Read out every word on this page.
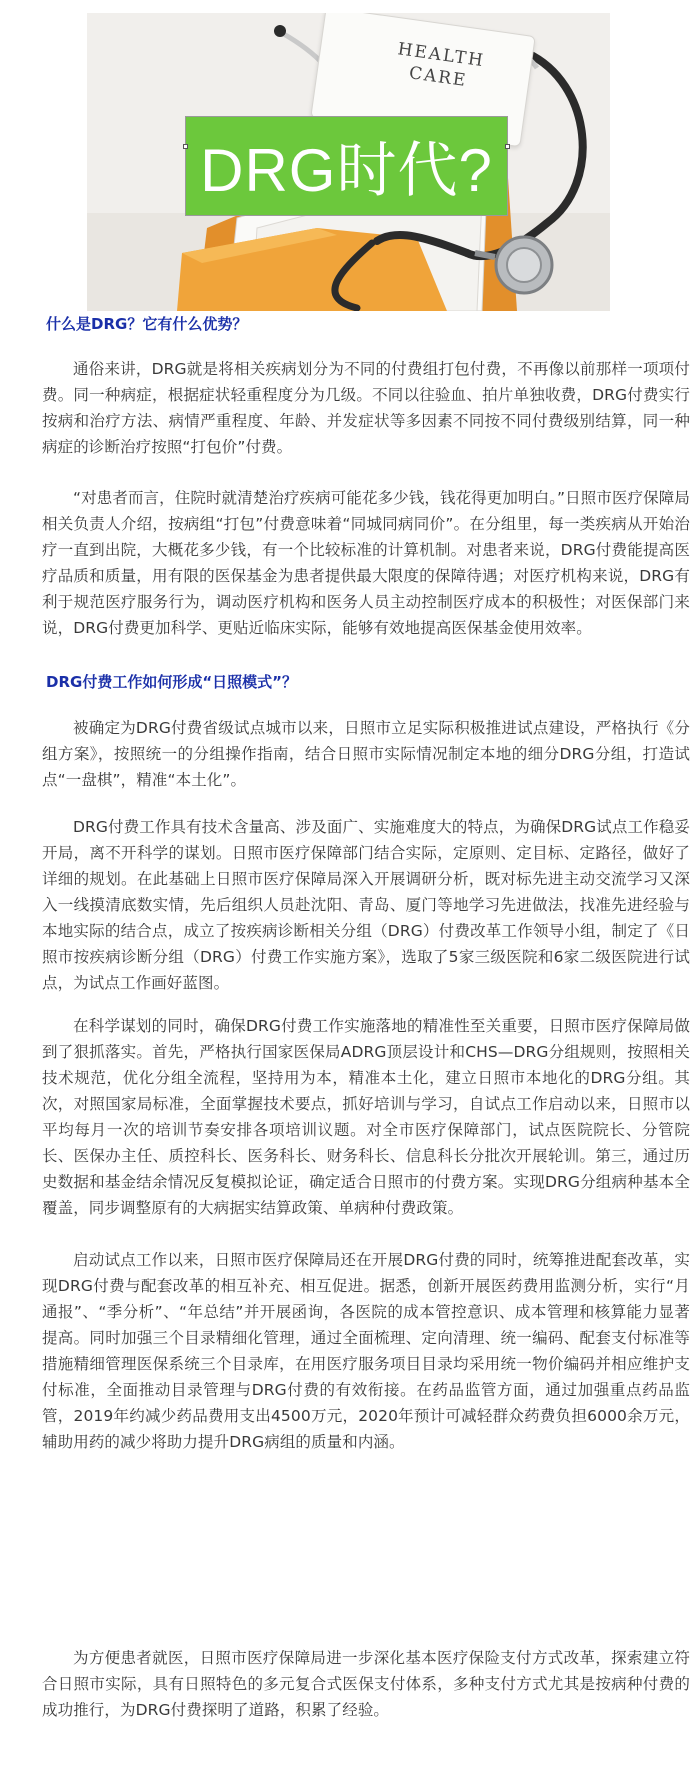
HEALTH CARE
DRG时代?
什么是DRG？它有什么优势？

通俗来讲，DRG就是将相关疾病划分为不同的付费组打包付费，不再像以前那样一项项付费。同一种病症，根据症状轻重程度分为几级。不同以往验血、拍片单独收费，DRG付费实行按病和治疗方法、病情严重程度、年龄、并发症状等多因素不同按不同付费级别结算，同一种病症的诊断治疗按照“打包价”付费。

“对患者而言，住院时就清楚治疗疾病可能花多少钱，钱花得更加明白。”日照市医疗保障局相关负责人介绍，按病组“打包”付费意味着“同城同病同价”。在分组里，每一类疾病从开始治疗一直到出院，大概花多少钱，有一个比较标准的计算机制。对患者来说，DRG付费能提高医疗品质和质量，用有限的医保基金为患者提供最大限度的保障待遇；对医疗机构来说，DRG有利于规范医疗服务行为，调动医疗机构和医务人员主动控制医疗成本的积极性；对医保部门来说，DRG付费更加科学、更贴近临床实际，能够有效地提高医保基金使用效率。

DRG付费工作如何形成“日照模式”？

被确定为DRG付费省级试点城市以来，日照市立足实际积极推进试点建设，严格执行《分组方案》，按照统一的分组操作指南，结合日照市实际情况制定本地的细分DRG分组，打造试点“一盘棋”，精准“本土化”。

DRG付费工作具有技术含量高、涉及面广、实施难度大的特点，为确保DRG试点工作稳妥开局，离不开科学的谋划。日照市医疗保障部门结合实际，定原则、定目标、定路径，做好了详细的规划。在此基础上日照市医疗保障局深入开展调研分析，既对标先进主动交流学习又深入一线摸清底数实情，先后组织人员赴沈阳、青岛、厦门等地学习先进做法，找准先进经验与本地实际的结合点，成立了按疾病诊断相关分组（DRG）付费改革工作领导小组，制定了《日照市按疾病诊断分组（DRG）付费工作实施方案》，选取了5家三级医院和6家二级医院进行试点，为试点工作画好蓝图。

在科学谋划的同时，确保DRG付费工作实施落地的精准性至关重要，日照市医疗保障局做到了狠抓落实。首先，严格执行国家医保局ADRG顶层设计和CHS—DRG分组规则，按照相关技术规范，优化分组全流程，坚持用为本，精准本土化，建立日照市本地化的DRG分组。其次，对照国家局标准，全面掌握技术要点，抓好培训与学习，自试点工作启动以来，日照市以平均每月一次的培训节奏安排各项培训议题。对全市医疗保障部门，试点医院院长、分管院长、医保办主任、质控科长、医务科长、财务科长、信息科长分批次开展轮训。第三，通过历史数据和基金结余情况反复模拟论证，确定适合日照市的付费方案。实现DRG分组病种基本全覆盖，同步调整原有的大病据实结算政策、单病种付费政策。

启动试点工作以来，日照市医疗保障局还在开展DRG付费的同时，统筹推进配套改革，实现DRG付费与配套改革的相互补充、相互促进。据悉，创新开展医药费用监测分析，实行“月通报”、“季分析”、“年总结”并开展函询，各医院的成本管控意识、成本管理和核算能力显著提高。同时加强三个目录精细化管理，通过全面梳理、定向清理、统一编码、配套支付标准等措施精细管理医保系统三个目录库，在用医疗服务项目目录均采用统一物价编码并相应维护支付标准，全面推动目录管理与DRG付费的有效衔接。在药品监管方面，通过加强重点药品监管，2019年约减少药品费用支出4500万元，2020年预计可减轻群众药费负担6000余万元，辅助用药的减少将助力提升DRG病组的质量和内涵。

为方便患者就医，日照市医疗保障局进一步深化基本医疗保险支付方式改革，探索建立符合日照市实际，具有日照特色的多元复合式医保支付体系，多种支付方式尤其是按病种付费的成功推行，为DRG付费探明了道路，积累了经验。
